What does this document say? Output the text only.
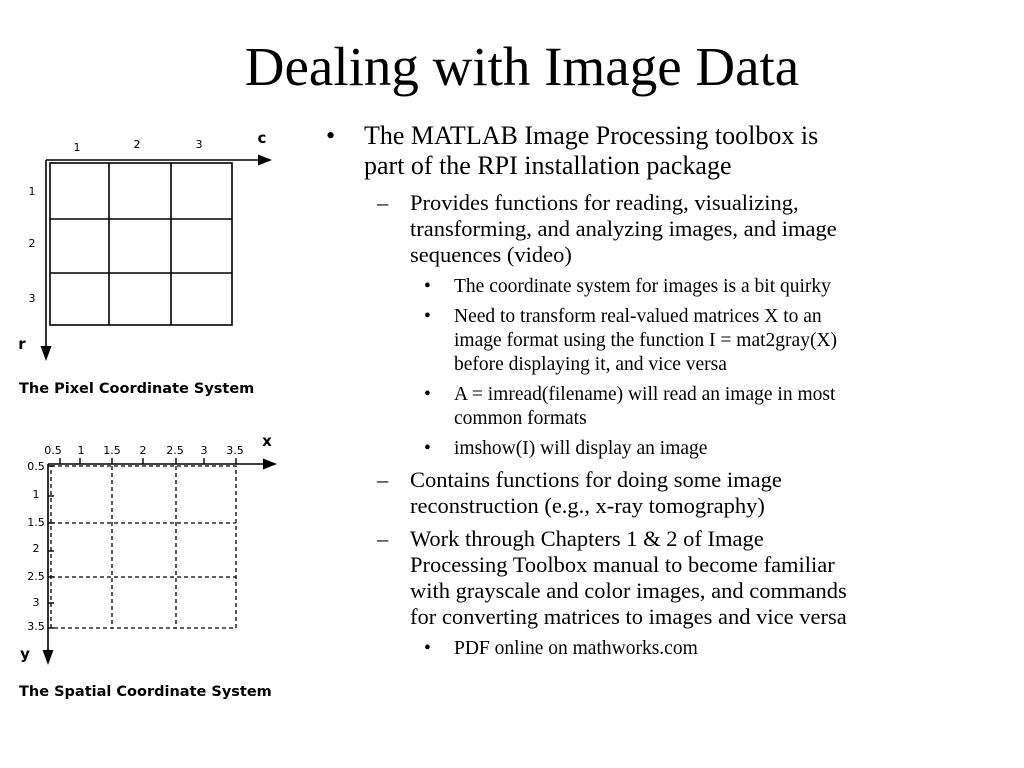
Dealing with Image Data
1	2	3	c
1
2
3
r
The Pixel Coordinate System
0.5 1 1.5 2 2.5 3 3.5
x
0.5
1
1.5
2
2.5
3
3.5
y
The Spatial Coordinate System
• The MATLAB Image Processing toolbox is
part of the RPI installation package
– Provides functions for reading, visualizing,
transforming, and analyzing images, and image
sequences (video)
• The coordinate system for images is a bit quirky
• Need to transform real-valued matrices X to an
image format using the function I = mat2gray(X)
before displaying it, and vice versa
• A = imread(filename) will read an image in most
common formats
• imshow(I) will display an image
– Contains functions for doing some image
reconstruction (e.g., x-ray tomography)
– Work through Chapters 1 & 2 of Image
Processing Toolbox manual to become familiar
with grayscale and color images, and commands
for converting matrices to images and vice versa
• PDF online on mathworks.com
